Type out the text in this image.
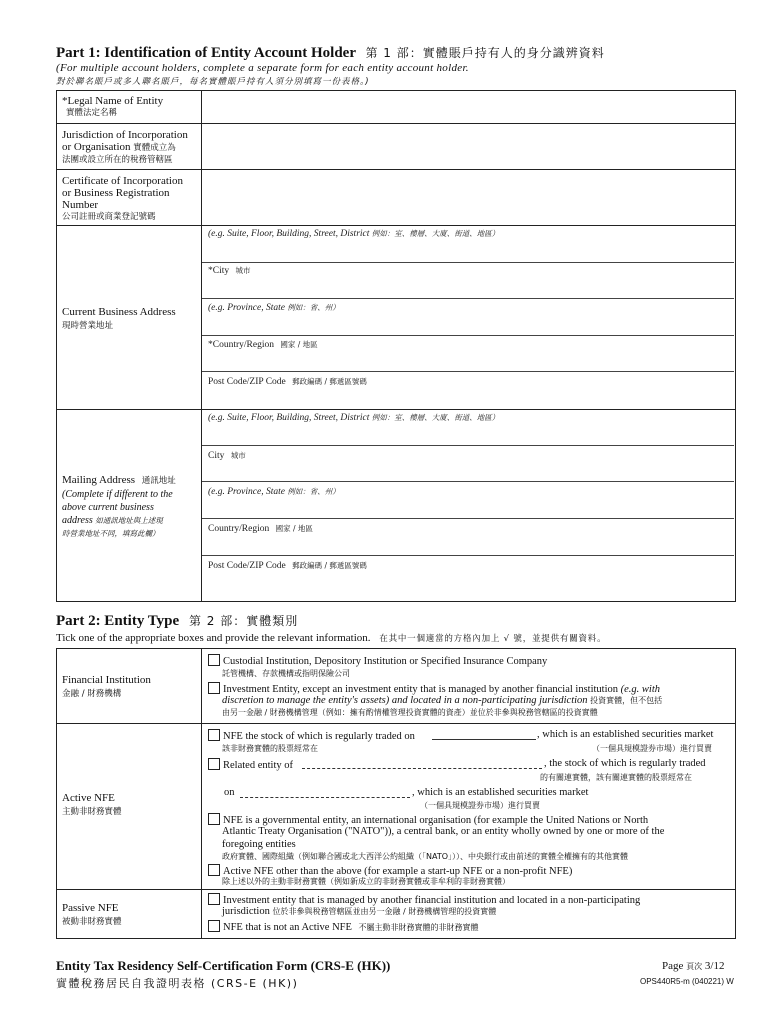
Part 1: Identification of Entity Account Holder 第 1 部：實體賬戶持有人的身分識辨資料
(For multiple account holders, complete a separate form for each entity account holder.
對於聯名賬戶或多人聯名賬戶，每名實體賬戶持有人須分別填寫一份表格。)
*Legal Name of Entity
實體法定名稱
Jurisdiction of Incorporation
or Organisation 實體成立為
法團或設立所在的稅務管轄區
Certificate of Incorporation
or Business Registration
Number
公司註冊或商業登記號碼
Current Business Address
現時營業地址
(e.g. Suite, Floor, Building, Street, District 例如：室、樓層、大廈、街道、地區）
*City 城市
(e.g. Province, State 例如：省、州）
*Country/Region 國家 / 地區
Post Code/ZIP Code 郵政編碼 / 郵遞區號碼
Mailing Address 通訊地址
(Complete if different to the
above current business
address 如通訊地址與上述現
時營業地址不同，填寫此欄）
(e.g. Suite, Floor, Building, Street, District 例如：室、樓層、大廈、街道、地區）
City 城市
(e.g. Province, State 例如：省、州）
Country/Region 國家 / 地區
Post Code/ZIP Code 郵政編碼 / 郵遞區號碼
Part 2: Entity Type 第 2 部：實體類別
Tick one of the appropriate boxes and provide the relevant information. 在其中一個適當的方格內加上 √ 號，並提供有關資料。
Financial Institution
金融 / 財務機構
Custodial Institution, Depository Institution or Specified Insurance Company
託管機構、存款機構或指明保險公司
Investment Entity, except an investment entity that is managed by another financial institution (e.g. with
discretion to manage the entity's assets) and located in a non-participating jurisdiction 投資實體，但不包括
由另一金融 / 財務機構管理（例如：擁有酌情權管理投資實體的資產）並位於非參與稅務管轄區的投資實體
Active NFE
主動非財務實體
NFE the stock of which is regularly traded on	, which is an established securities market
該非財務實體的股票經常在	（一個具規模證券市場）進行買賣
Related entity of	, the stock of which is regularly traded
的有關連實體，該有關連實體的股票經常在
on	, which is an established securities market
（一個具規模證券市場）進行買賣
NFE is a governmental entity, an international organisation (for example the United Nations or North
Atlantic Treaty Organisation ("NATO")), a central bank, or an entity wholly owned by one or more of the
foregoing entities
政府實體、國際組織（例如聯合國或北大西洋公約組織（「NATO」））、中央銀行或由前述的實體全權擁有的其他實體
Active NFE other than the above (for example a start-up NFE or a non-profit NFE)
除上述以外的主動非財務實體（例如新成立的非財務實體或非牟利的非財務實體）
Passive NFE
被動非財務實體
Investment entity that is managed by another financial institution and located in a non-participating
jurisdiction 位於非參與稅務管轄區並由另一金融 / 財務機構管理的投資實體
NFE that is not an Active NFE 不屬主動非財務實體的非財務實體
Entity Tax Residency Self-Certification Form (CRS-E (HK))
實體稅務居民自我證明表格 (CRS-E (HK))
Page 頁次 3/12
OPS440R5-m (040221) W
